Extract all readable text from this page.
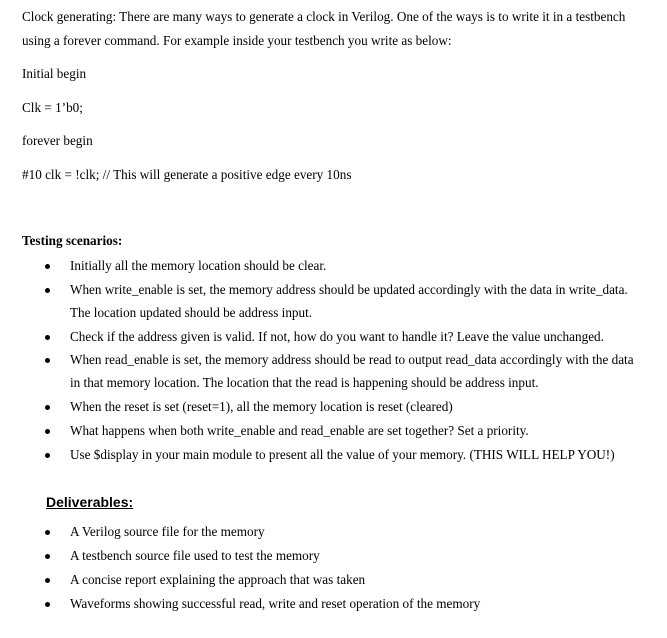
Clock generating: There are many ways to generate a clock in Verilog. One of the ways is to write it in a testbench
using a forever command. For example inside your testbench you write as below:
Initial begin
Clk = 1’b0;
forever begin
#10 clk = !clk; // This will generate a positive edge every 10ns
Testing scenarios:
Initially all the memory location should be clear.
When write_enable is set, the memory address should be updated accordingly with the data in write_data.
The location updated should be address input.
Check if the address given is valid. If not, how do you want to handle it? Leave the value unchanged.
When read_enable is set, the memory address should be read to output read_data accordingly with the data
in that memory location. The location that the read is happening should be address input.
When the reset is set (reset=1), all the memory location is reset (cleared)
What happens when both write_enable and read_enable are set together? Set a priority.
Use $display in your main module to present all the value of your memory. (THIS WILL HELP YOU!)
Deliverables:
A Verilog source file for the memory
A testbench source file used to test the memory
A concise report explaining the approach that was taken
Waveforms showing successful read, write and reset operation of the memory
